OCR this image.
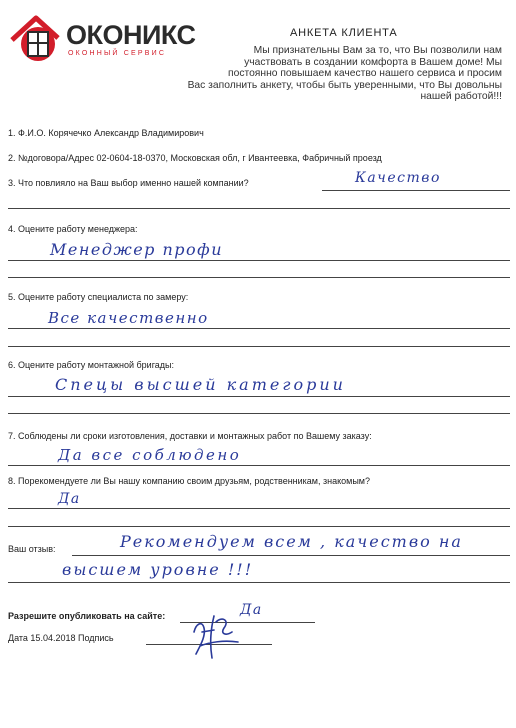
ОКОНИКС
ОКОННЫЙ СЕРВИС
АНКЕТА КЛИЕНТА
Мы признательны Вам за то, что Вы позволили нам
участвовать в создании комфорта в Вашем доме! Мы
постоянно повышаем качество нашего сервиса и просим
Вас заполнить анкету, чтобы быть уверенными, что Вы довольны нашей работой!!!
1. Ф.И.О. Корячечко Александр Владимирович
2. №договора/Адрес 02-0604-18-0370, Московская обл, г Ивантеевка, Фабричный проезд
3. Что повлияло на Ваш выбор именно нашей компании?	Качество
4. Оцените работу менеджера:
Менеджер профи
5. Оцените работу специалиста по замеру:
Все качественно
6. Оцените работу монтажной бригады:
Спецы высшей категории
7. Соблюдены ли сроки изготовления, доставки и монтажных работ по Вашему заказу:
Да все соблюдено
8. Порекомендуете ли Вы нашу компанию своим друзьям, родственникам, знакомым?
Да
Ваш отзыв:	Рекомендуем всем , качество на
высшем уровне !!!
Разрешите опубликовать на сайте:	Да
Дата 15.04.2018 Подпись
